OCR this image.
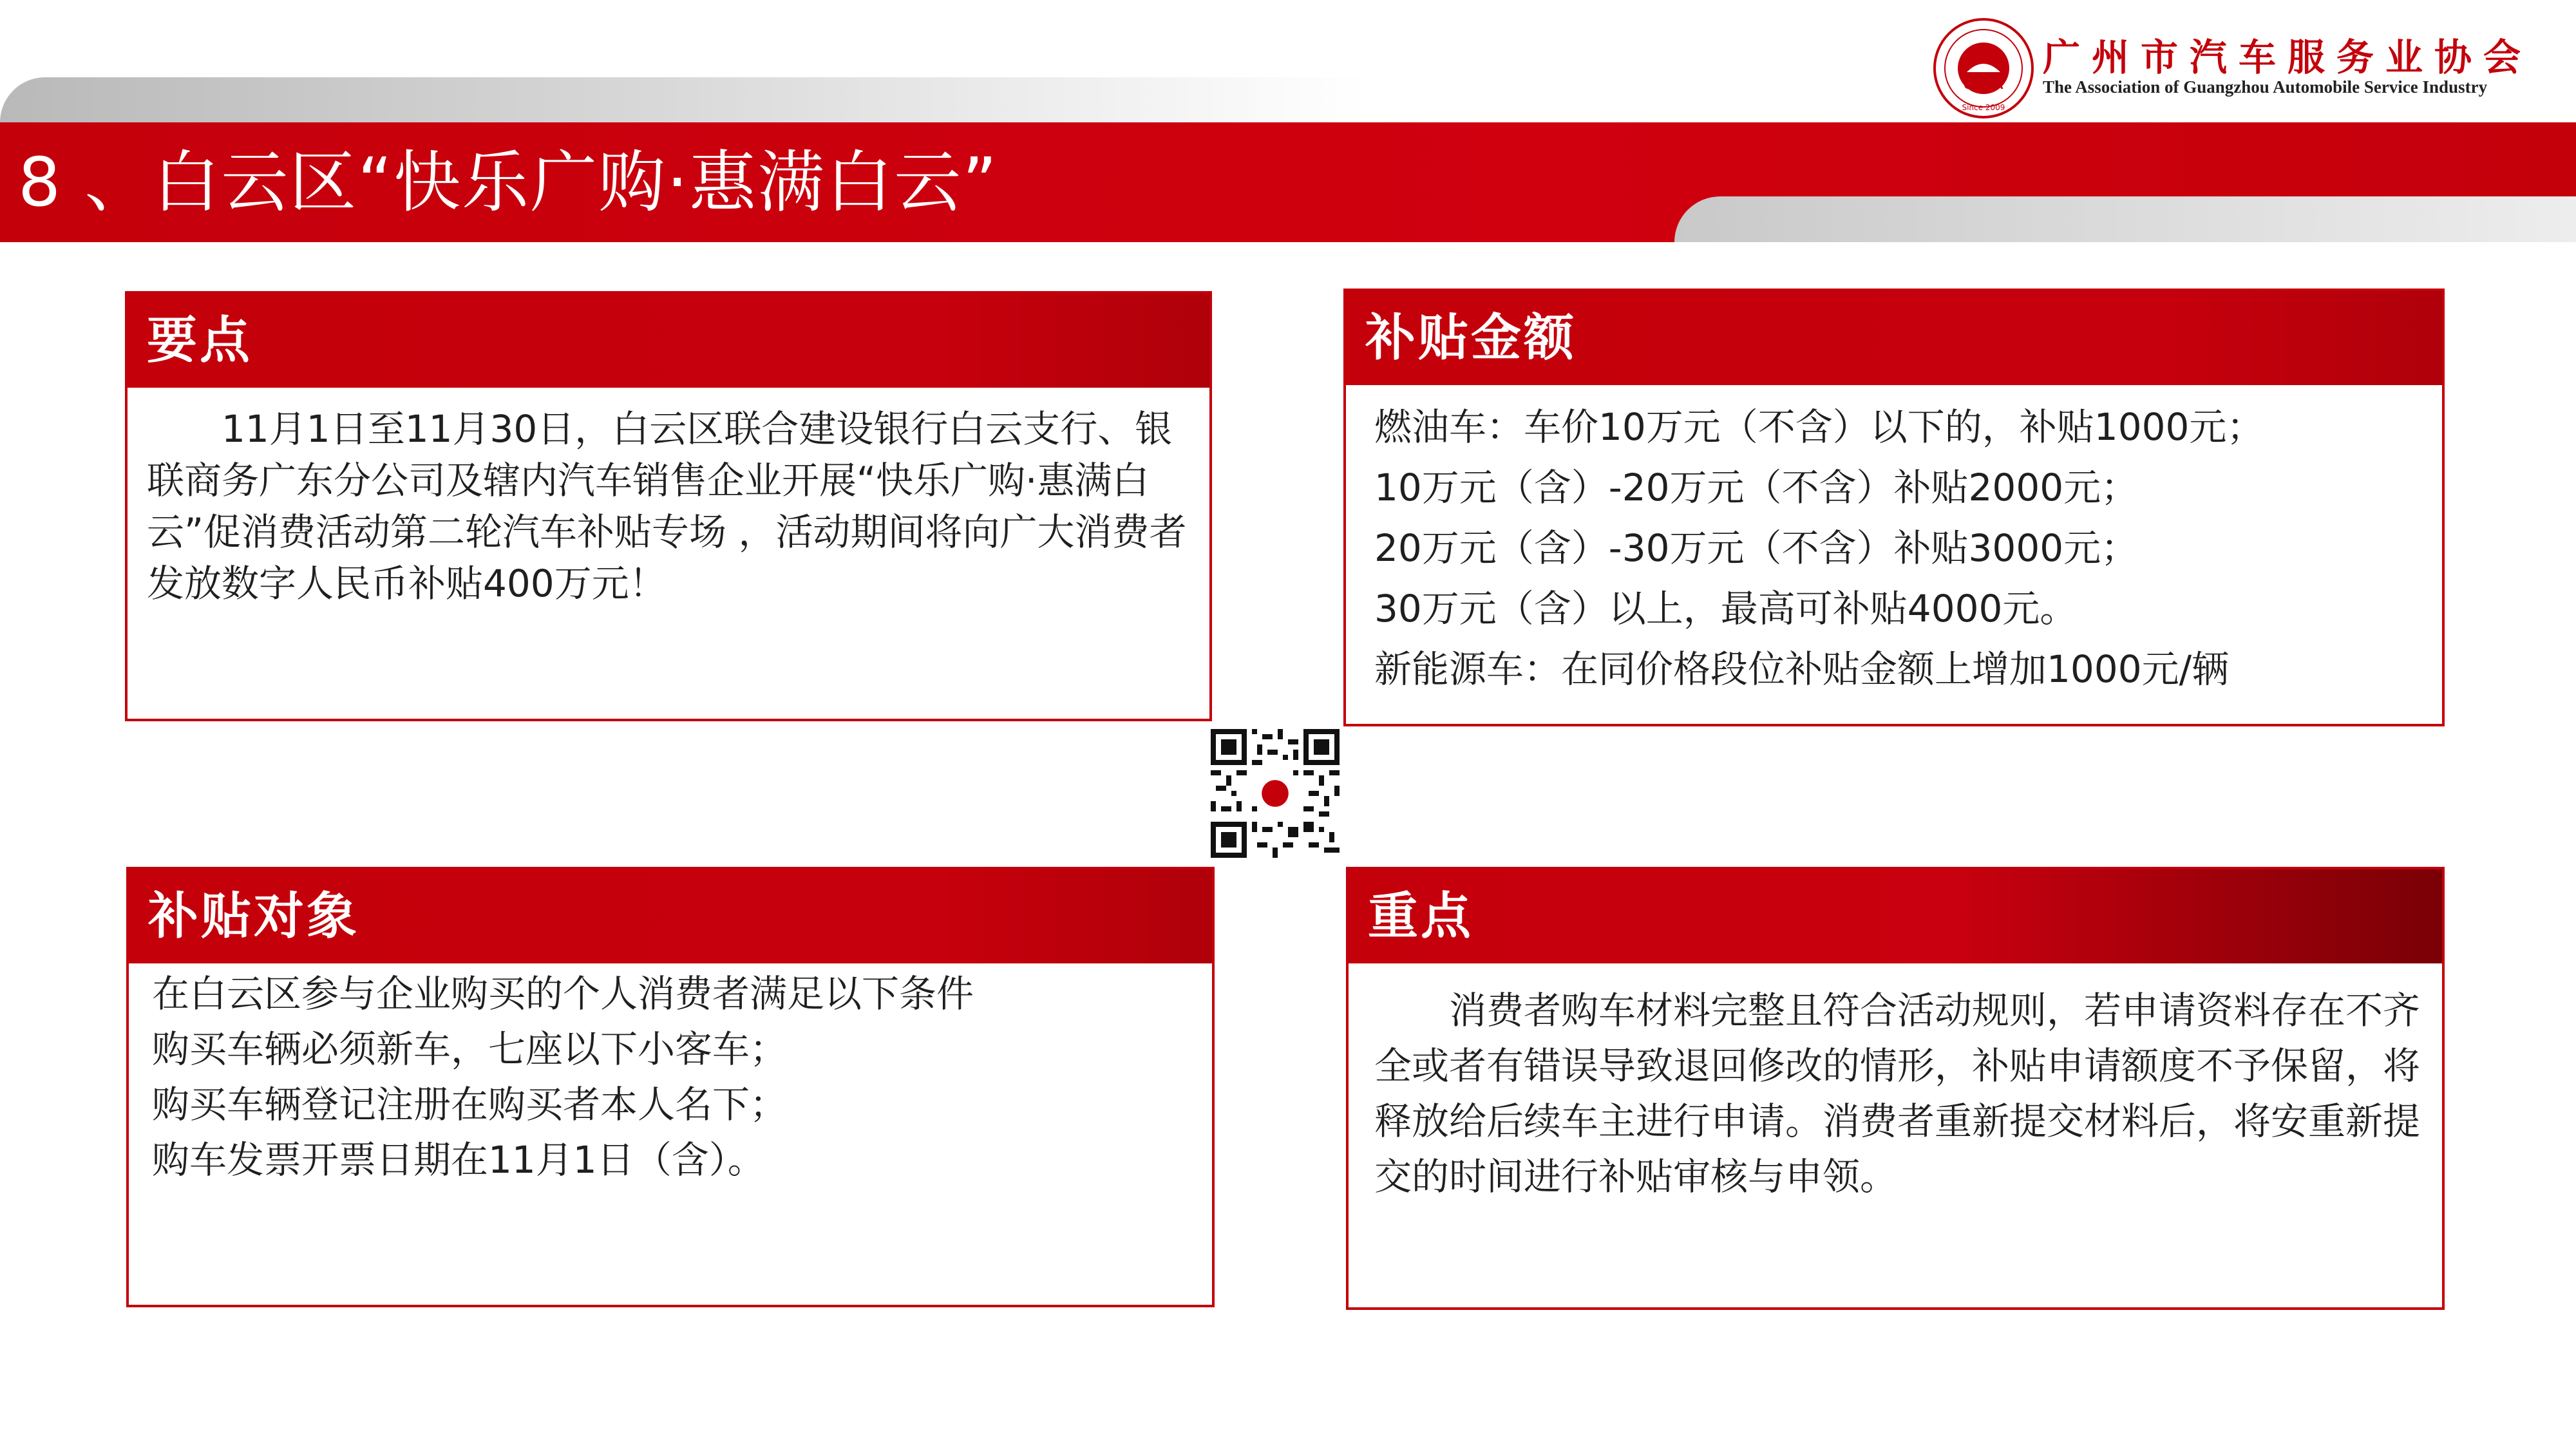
8 、白云区“快乐广购·惠满白云”
GZASA
Since 2009
广州市汽车服务业协会
The Association of Guangzhou Automobile Service Industry
要点

11月1日至11月30日，白云区联合建设银行白云支行、银联商务广东分公司及辖内汽车销售企业开展“快乐广购·惠满白云”促消费活动第二轮汽车补贴专场 ，活动期间将向广大消费者发放数字人民币补贴400万元！

补贴金额

燃油车：车价10万元（不含）以下的，补贴1000元；

10万元（含）-20万元（不含）补贴2000元；

20万元（含）-30万元（不含）补贴3000元；

30万元（含）以上，最高可补贴4000元。

新能源车：在同价格段位补贴金额上增加1000元/辆

补贴对象

在白云区参与企业购买的个人消费者满足以下条件

购买车辆必须新车，七座以下小客车；

购买车辆登记注册在购买者本人名下；

购车发票开票日期在11月1日（含）。

重点

消费者购车材料完整且符合活动规则，若申请资料存在不齐全或者有错误导致退回修改的情形，补贴申请额度不予保留，将释放给后续车主进行申请。消费者重新提交材料后，将安重新提交的时间进行补贴审核与申领。
